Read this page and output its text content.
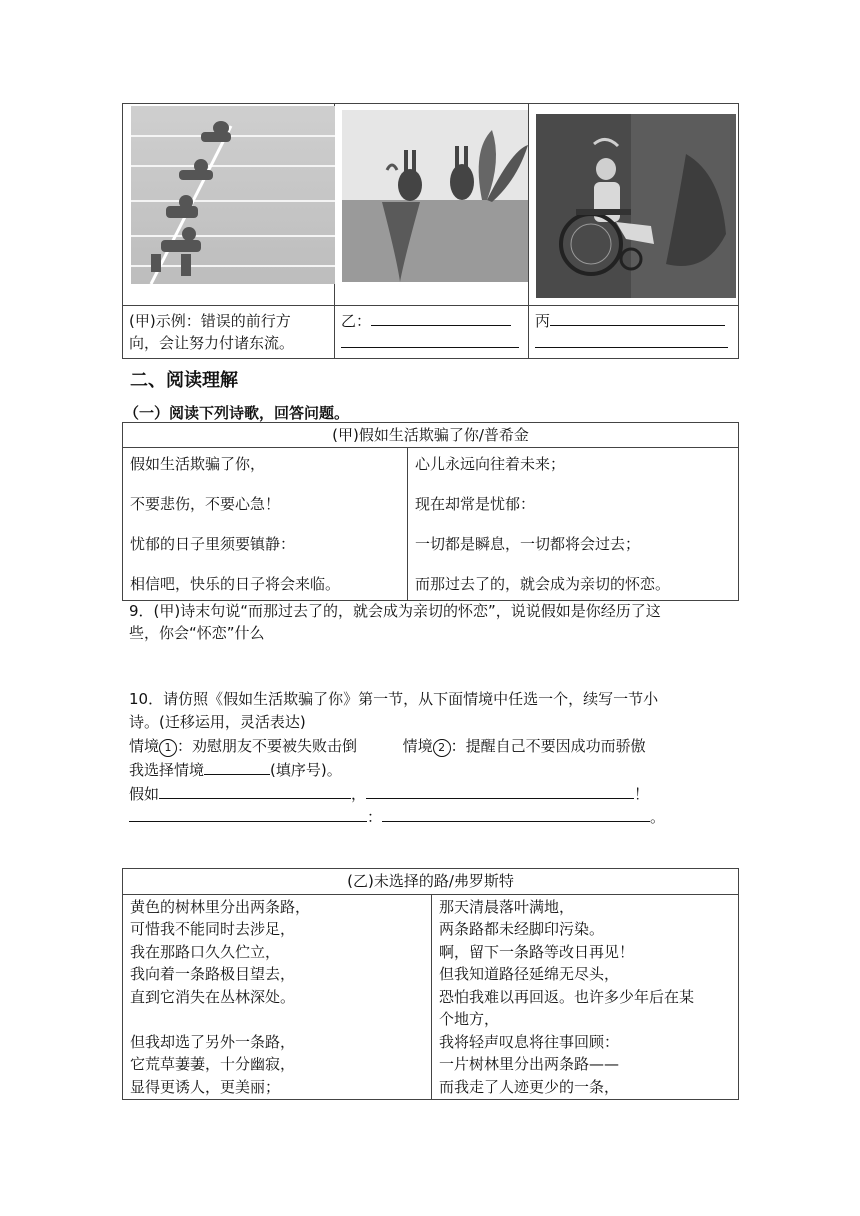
(甲)示例：错误的前行方
向，会让努力付诸东流。	乙：	丙
二、阅读理解
（一）阅读下列诗歌，回答问题。
(甲)假如生活欺骗了你/普希金

假如生活欺骗了你，
不要悲伤，不要心急！
忧郁的日子里须要镇静：
相信吧，快乐的日子将会来临。

心儿永远向往着未来；
现在却常是忧郁：
一切都是瞬息，一切都将会过去；
而那过去了的，就会成为亲切的怀恋。
9．(甲)诗末句说“而那过去了的，就会成为亲切的怀恋”，说说假如是你经历了这
些，你会“怀恋”什么
10．请仿照《假如生活欺骗了你》第一节，从下面情境中任选一个，续写一节小
诗。(迁移运用，灵活表达)
情境 1 ：劝慰朋友不要被失败击倒	情境 2 ：提醒自己不要因成功而骄傲
我选择情境	(填序号)。
假如	，	！
：	。
(乙)未选择的路/弗罗斯特

黄色的树林里分出两条路，
可惜我不能同时去涉足，
我在那路口久久伫立，
我向着一条路极目望去，
直到它消失在丛林深处。
但我却选了另外一条路，
它荒草萋萋，十分幽寂，
显得更诱人，更美丽；

那天清晨落叶满地，
两条路都未经脚印污染。
啊，留下一条路等改日再见！
但我知道路径延绵无尽头，
恐怕我难以再回返。也许多少年后在某
个地方，
我将轻声叹息将往事回顾：
一片树林里分出两条路——
而我走了人迹更少的一条，
